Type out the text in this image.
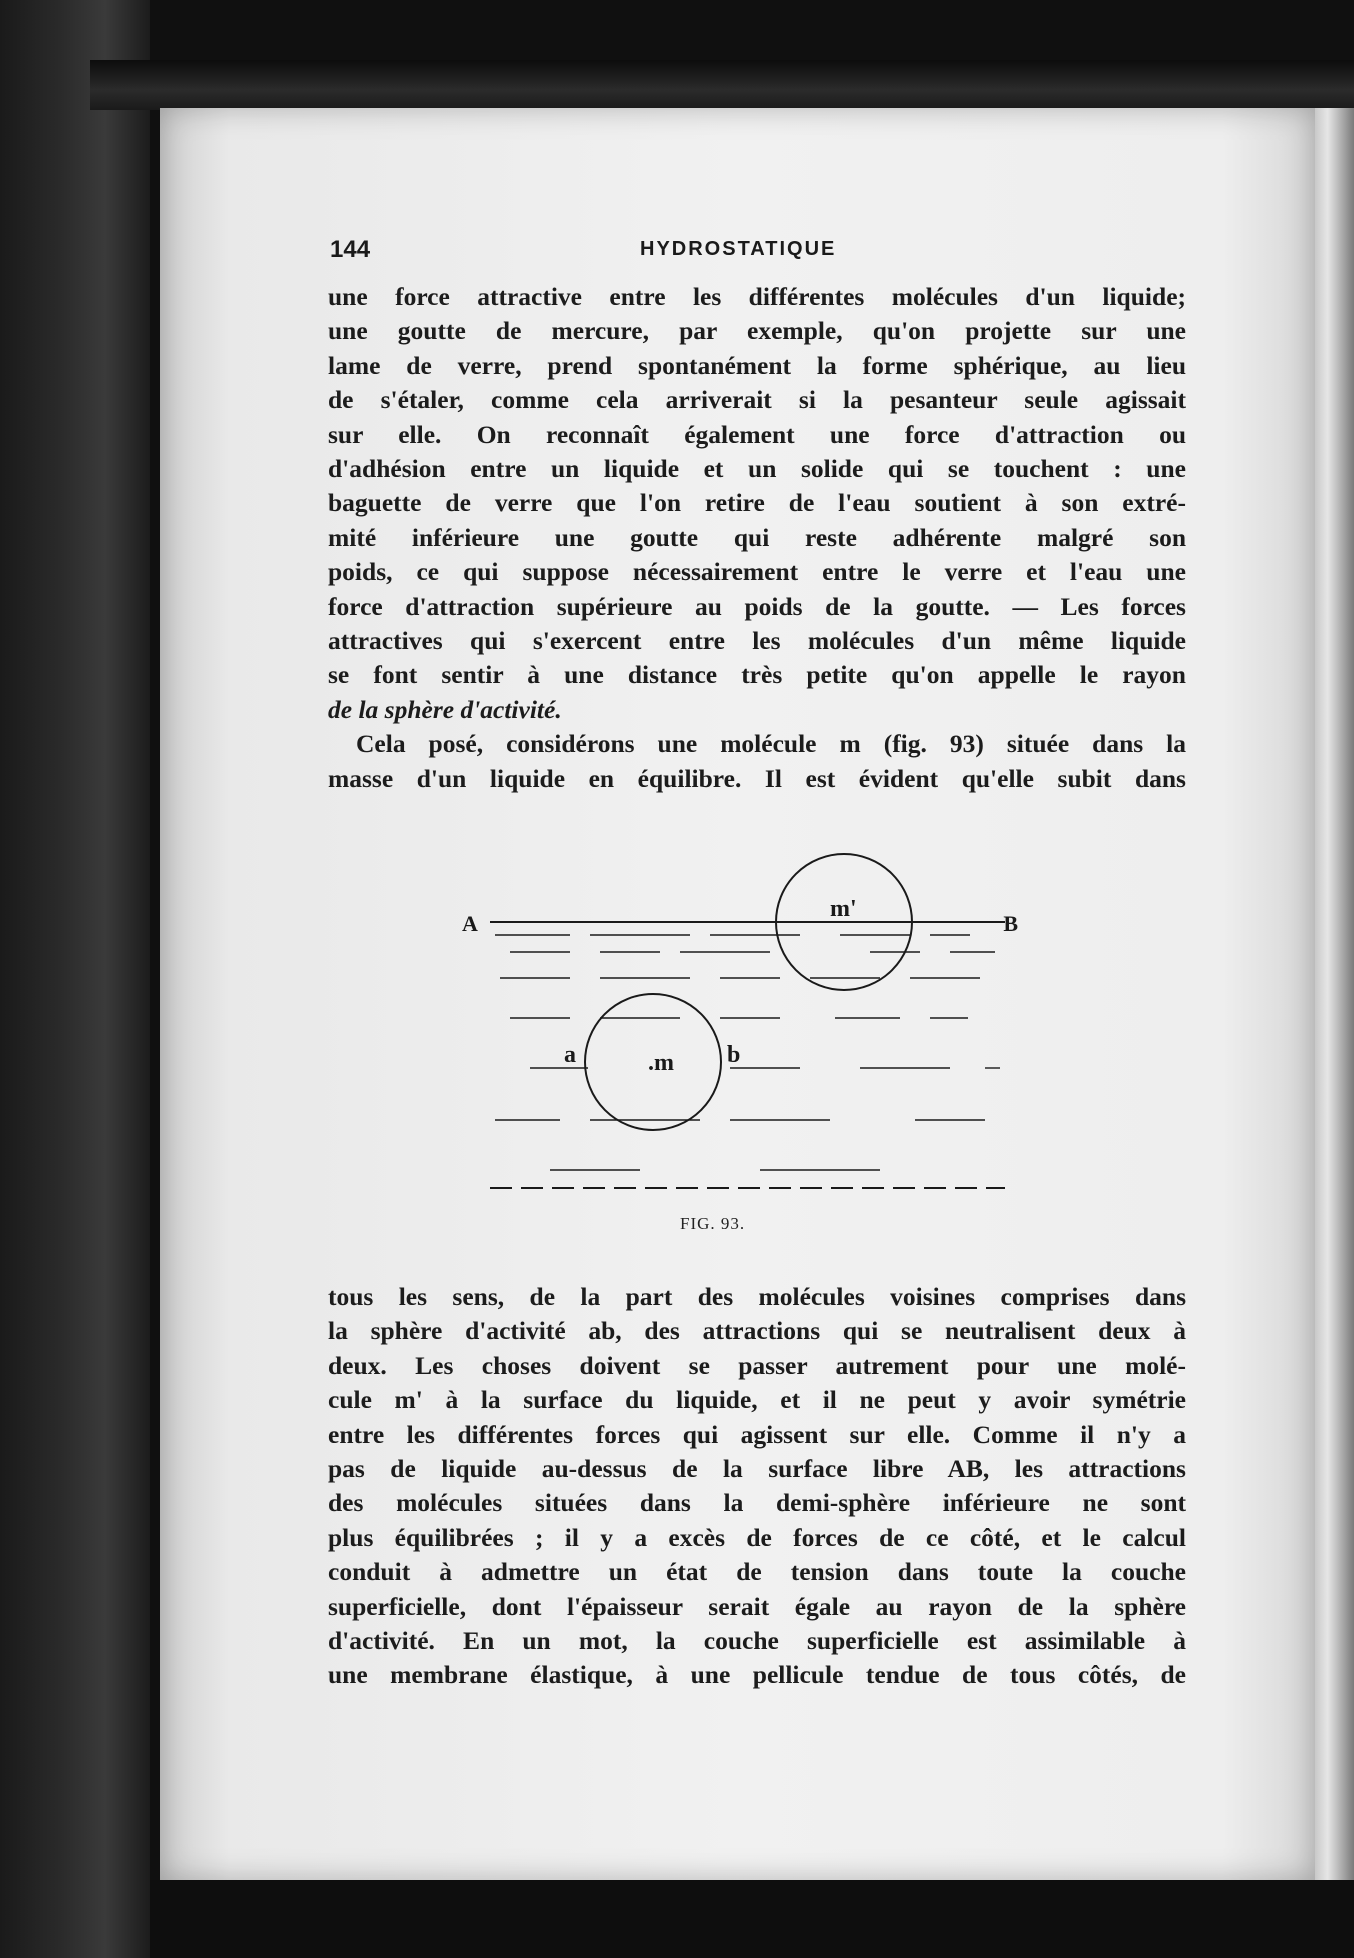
144	HYDROSTATIQUE
une force attractive entre les différentes molécules d'un liquide;
une goutte de mercure, par exemple, qu'on projette sur une
lame de verre, prend spontanément la forme sphérique, au lieu
de s'étaler, comme cela arriverait si la pesanteur seule agissait
sur elle. On reconnaît également une force d'attraction ou
d'adhésion entre un liquide et un solide qui se touchent : une
baguette de verre que l'on retire de l'eau soutient à son extré-
mité inférieure une goutte qui reste adhérente malgré son
poids, ce qui suppose nécessairement entre le verre et l'eau une
force d'attraction supérieure au poids de la goutte. — Les forces
attractives qui s'exercent entre les molécules d'un même liquide
se font sentir à une distance très petite qu'on appelle le rayon
de la sphère d'activité.
Cela posé, considérons une molécule m (fig. 93) située dans la
masse d'un liquide en équilibre. Il est évident qu'elle subit dans
A	B
m'
.m
a	b
FIG. 93.
tous les sens, de la part des molécules voisines comprises dans
la sphère d'activité ab, des attractions qui se neutralisent deux à
deux. Les choses doivent se passer autrement pour une molé-
cule m' à la surface du liquide, et il ne peut y avoir symétrie
entre les différentes forces qui agissent sur elle. Comme il n'y a
pas de liquide au-dessus de la surface libre AB, les attractions
des molécules situées dans la demi-sphère inférieure ne sont
plus équilibrées ; il y a excès de forces de ce côté, et le calcul
conduit à admettre un état de tension dans toute la couche
superficielle, dont l'épaisseur serait égale au rayon de la sphère
d'activité. En un mot, la couche superficielle est assimilable à
une membrane élastique, à une pellicule tendue de tous côtés, de
